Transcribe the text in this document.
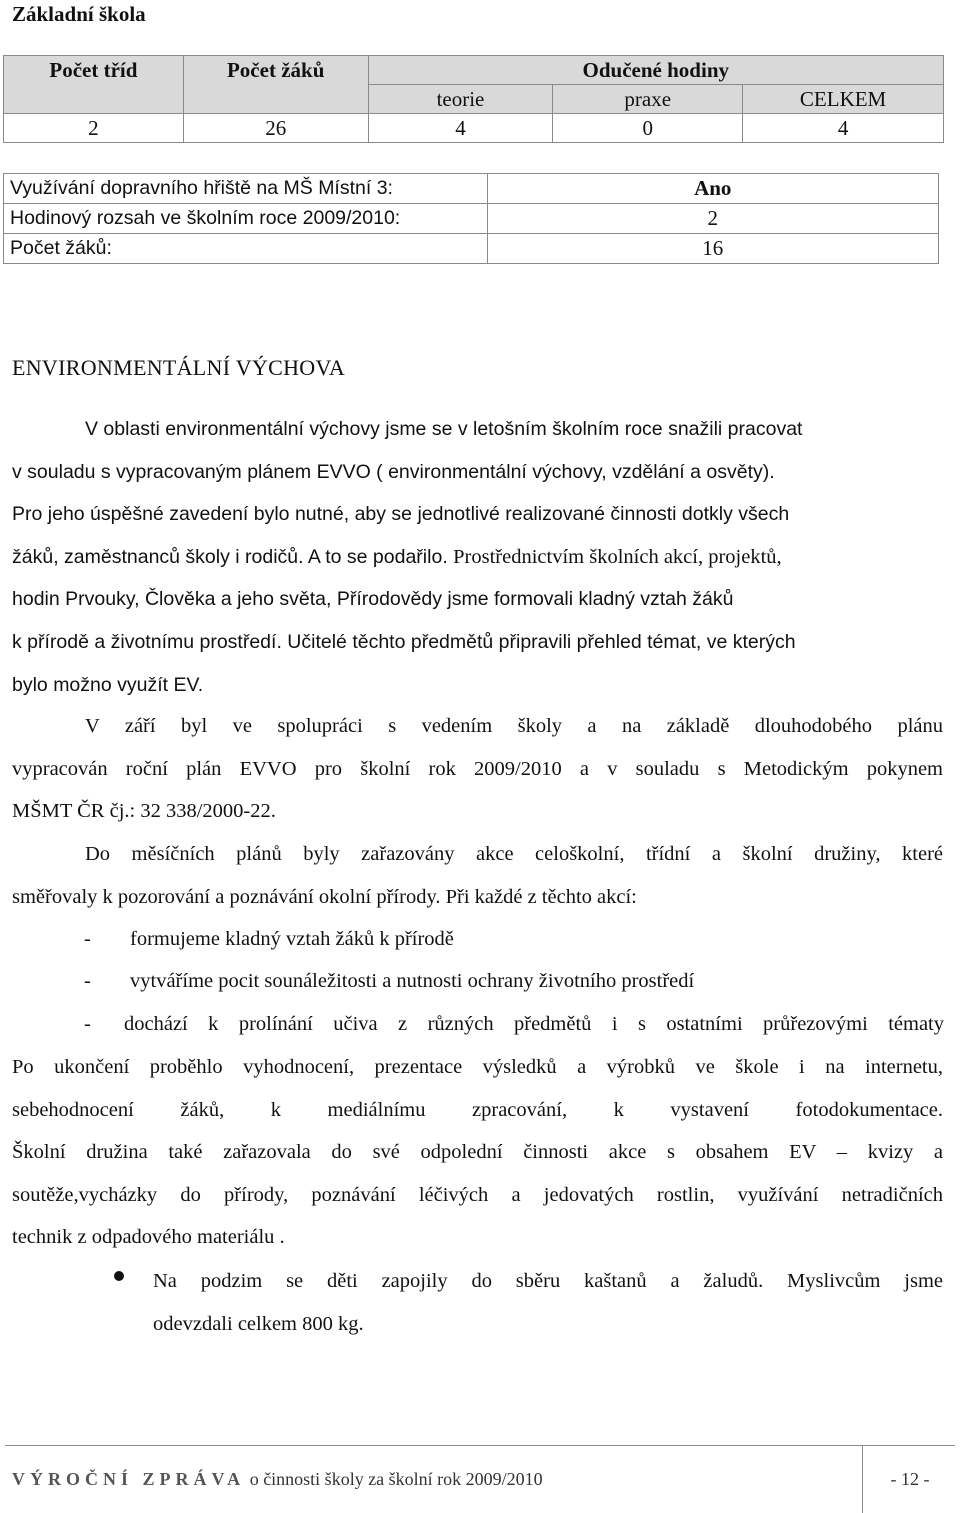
Základní škola
Počet tříd	Počet žáků	Odučené hodiny		
		teorie	praxe	CELKEM
2	26	4	0	4
Využívání dopravního hřiště na MŠ Místní 3:	Ano
Hodinový rozsah ve školním roce 2009/2010:	2
Počet žáků:	16
ENVIRONMENTÁLNÍ VÝCHOVA
V oblasti environmentální výchovy jsme se v letošním školním roce snažili pracovat
v souladu s vypracovaným plánem EVVO ( environmentální výchovy, vzdělání a osvěty).
Pro jeho úspěšné zavedení bylo nutné, aby se jednotlivé realizované činnosti dotkly všech
žáků, zaměstnanců školy i rodičů. A to se podařilo. Prostřednictvím školních akcí, projektů,
hodin Prvouky, Člověka a jeho světa, Přírodovědy jsme formovali kladný vztah žáků
k přírodě a životnímu prostředí. Učitelé těchto předmětů připravili přehled témat, ve kterých
bylo možno využít EV.
V září byl ve spolupráci s vedením školy a na základě dlouhodobého plánu
vypracován roční plán EVVO pro školní rok 2009/2010 a v souladu s Metodickým pokynem
MŠMT ČR čj.: 32 338/2000-22.
Do měsíčních plánů byly zařazovány akce celoškolní, třídní a školní družiny, které
směřovaly k pozorování a poznávání okolní přírody. Při každé z těchto akcí:
- formujeme kladný vztah žáků k přírodě
- vytváříme pocit sounáležitosti a nutnosti ochrany životního prostředí
-	dochází k prolínání učiva z různých předmětů i s ostatními průřezovými tématy
Po ukončení proběhlo vyhodnocení, prezentace výsledků a výrobků ve škole i na internetu,
sebehodnocení žáků, k mediálnímu zpracování, k vystavení fotodokumentace.
Školní družina také zařazovala do své odpolední činnosti akce s obsahem EV – kvizy a
soutěže,vycházky do přírody, poznávání léčivých a jedovatých rostlin, využívání netradičních
technik z odpadového materiálu .
Na podzim se děti zapojily do sběru kaštanů a žaludů. Myslivcům jsme
odevzdali celkem 800 kg.
VÝROČNÍ ZPRÁVA o činnosti školy za školní rok 2009/2010	- 12 -
